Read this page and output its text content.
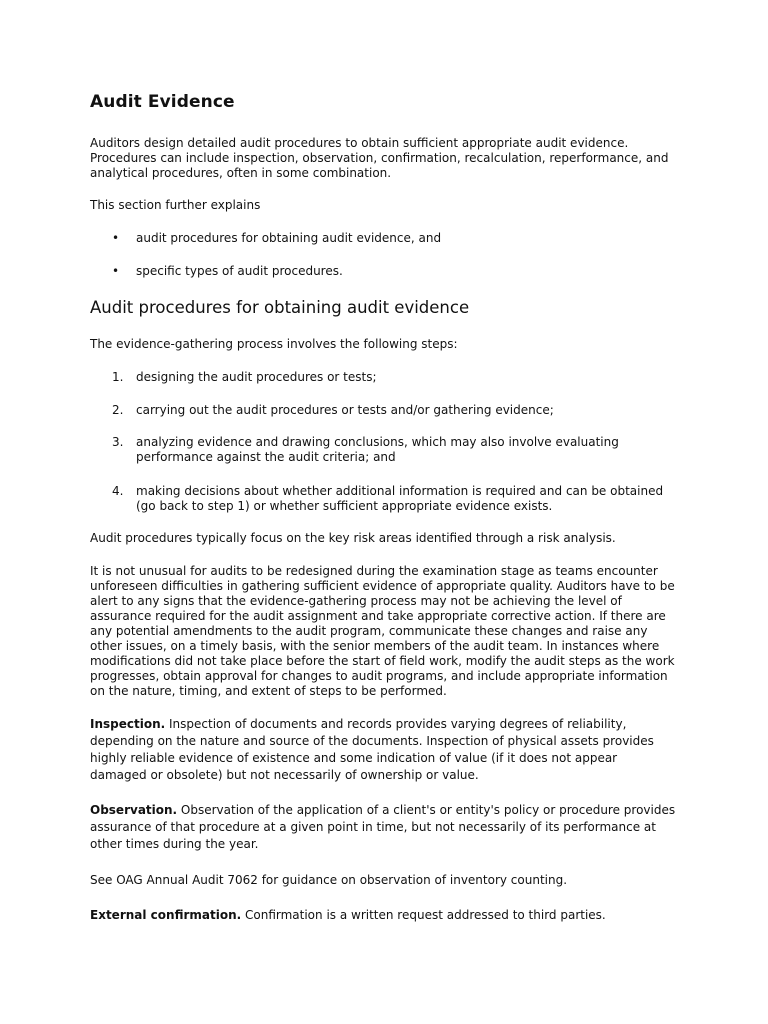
Audit Evidence

Auditors design detailed audit procedures to obtain sufficient appropriate audit evidence. Procedures can include inspection, observation, confirmation, recalculation, reperformance, and analytical procedures, often in some combination.

This section further explains

• audit procedures for obtaining audit evidence, and
• specific types of audit procedures.
Audit procedures for obtaining audit evidence

The evidence-gathering process involves the following steps:

1. designing the audit procedures or tests;
2. carrying out the audit procedures or tests and/or gathering evidence;
3. analyzing evidence and drawing conclusions, which may also involve evaluating performance against the audit criteria; and
4. making decisions about whether additional information is required and can be obtained (go back to step 1) or whether sufficient appropriate evidence exists.

Audit procedures typically focus on the key risk areas identified through a risk analysis.

It is not unusual for audits to be redesigned during the examination stage as teams encounter unforeseen difficulties in gathering sufficient evidence of appropriate quality. Auditors have to be alert to any signs that the evidence-gathering process may not be achieving the level of assurance required for the audit assignment and take appropriate corrective action. If there are any potential amendments to the audit program, communicate these changes and raise any other issues, on a timely basis, with the senior members of the audit team. In instances where modifications did not take place before the start of field work, modify the audit steps as the work progresses, obtain approval for changes to audit programs, and include appropriate information on the nature, timing, and extent of steps to be performed.

Inspection. Inspection of documents and records provides varying degrees of reliability, depending on the nature and source of the documents. Inspection of physical assets provides highly reliable evidence of existence and some indication of value (if it does not appear damaged or obsolete) but not necessarily of ownership or value.

Observation. Observation of the application of a client's or entity's policy or procedure provides assurance of that procedure at a given point in time, but not necessarily of its performance at other times during the year.

See OAG Annual Audit 7062 for guidance on observation of inventory counting.

External confirmation. Confirmation is a written request addressed to third parties.
